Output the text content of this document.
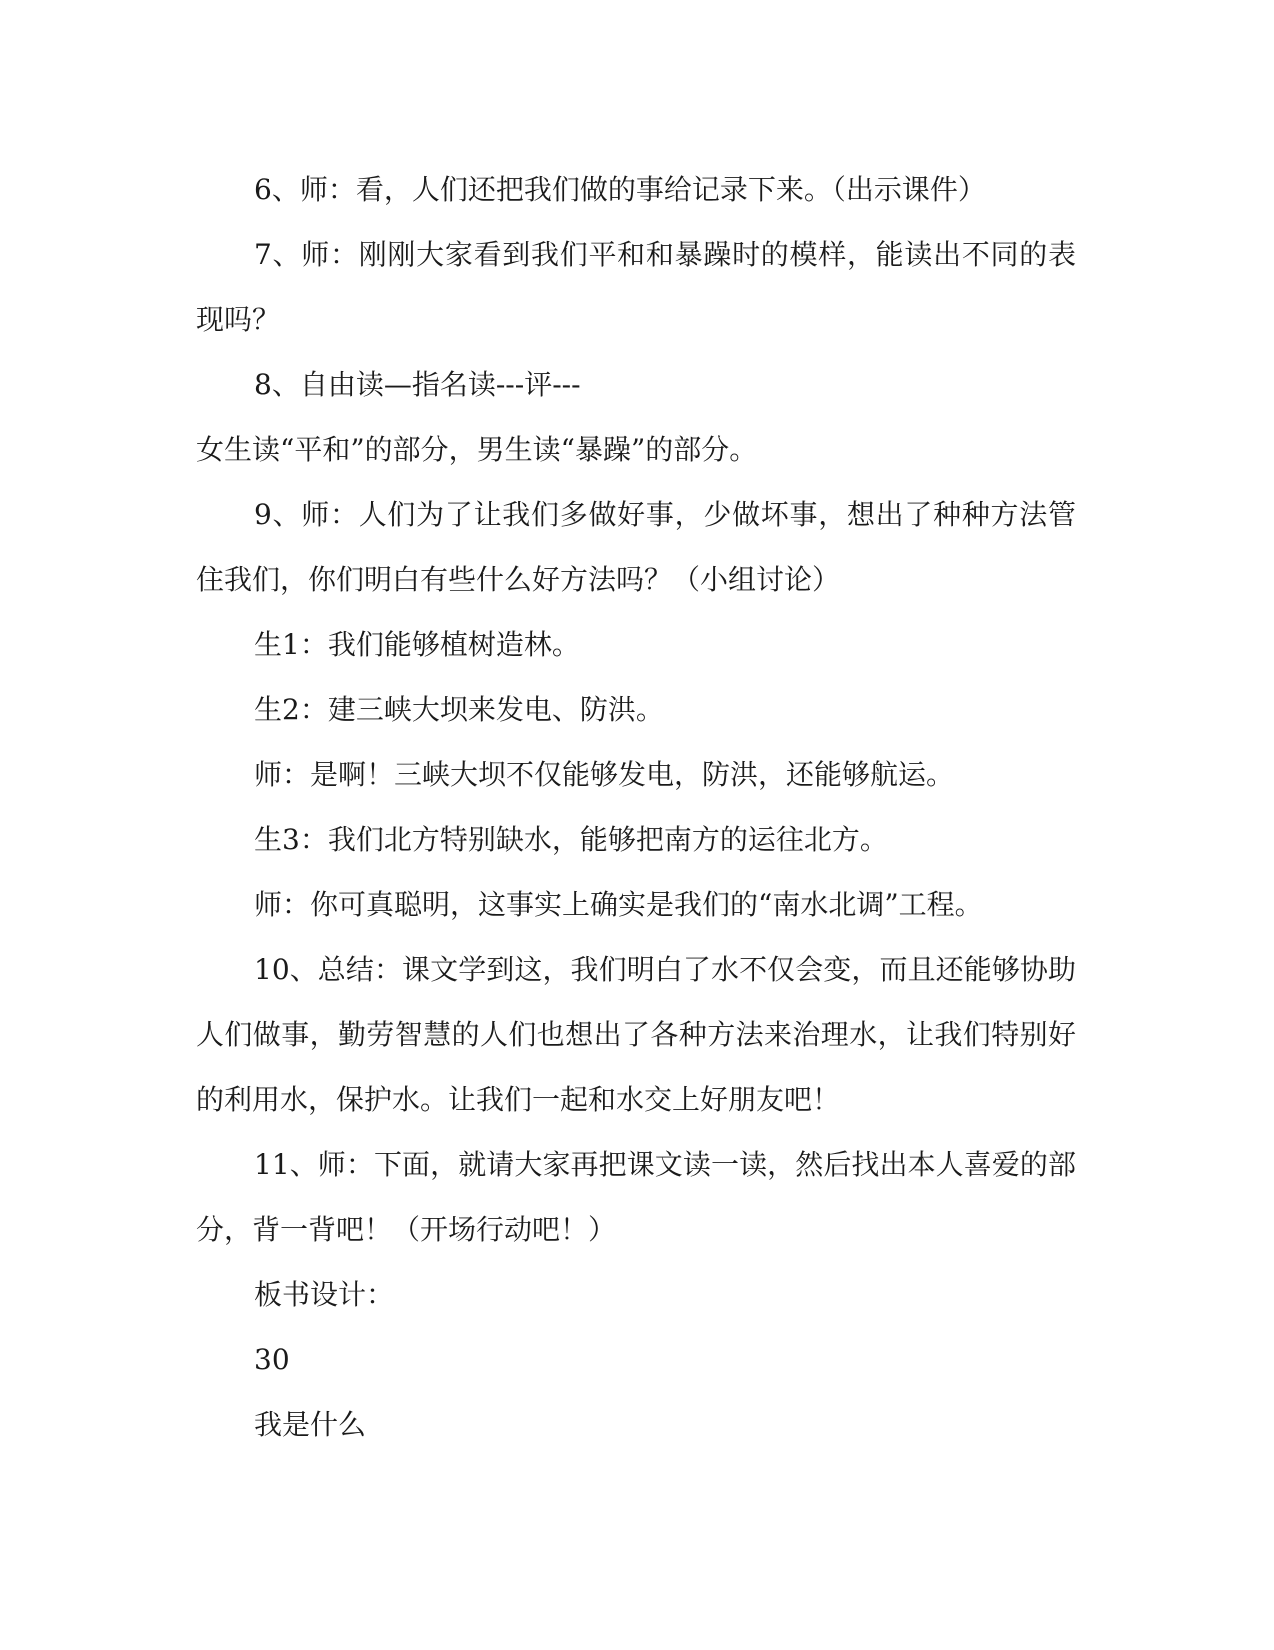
6、师：看，人们还把我们做的事给记录下来。（出示课件）

7、师：刚刚大家看到我们平和和暴躁时的模样，能读出不同的表现吗？

8、自由读—指名读---评---

女生读“平和”的部分，男生读“暴躁”的部分。

9、师：人们为了让我们多做好事，少做坏事，想出了种种方法管住我们，你们明白有些什么好方法吗？（小组讨论）

生1：我们能够植树造林。

生2：建三峡大坝来发电、防洪。

师：是啊！三峡大坝不仅能够发电，防洪，还能够航运。

生3：我们北方特别缺水，能够把南方的运往北方。

师：你可真聪明，这事实上确实是我们的“南水北调”工程。

10、总结：课文学到这，我们明白了水不仅会变，而且还能够协助人们做事，勤劳智慧的人们也想出了各种方法来治理水，让我们特别好的利用水，保护水。让我们一起和水交上好朋友吧！

11、师：下面，就请大家再把课文读一读，然后找出本人喜爱的部分，背一背吧！（开场行动吧！）

板书设计：

30

我是什么
